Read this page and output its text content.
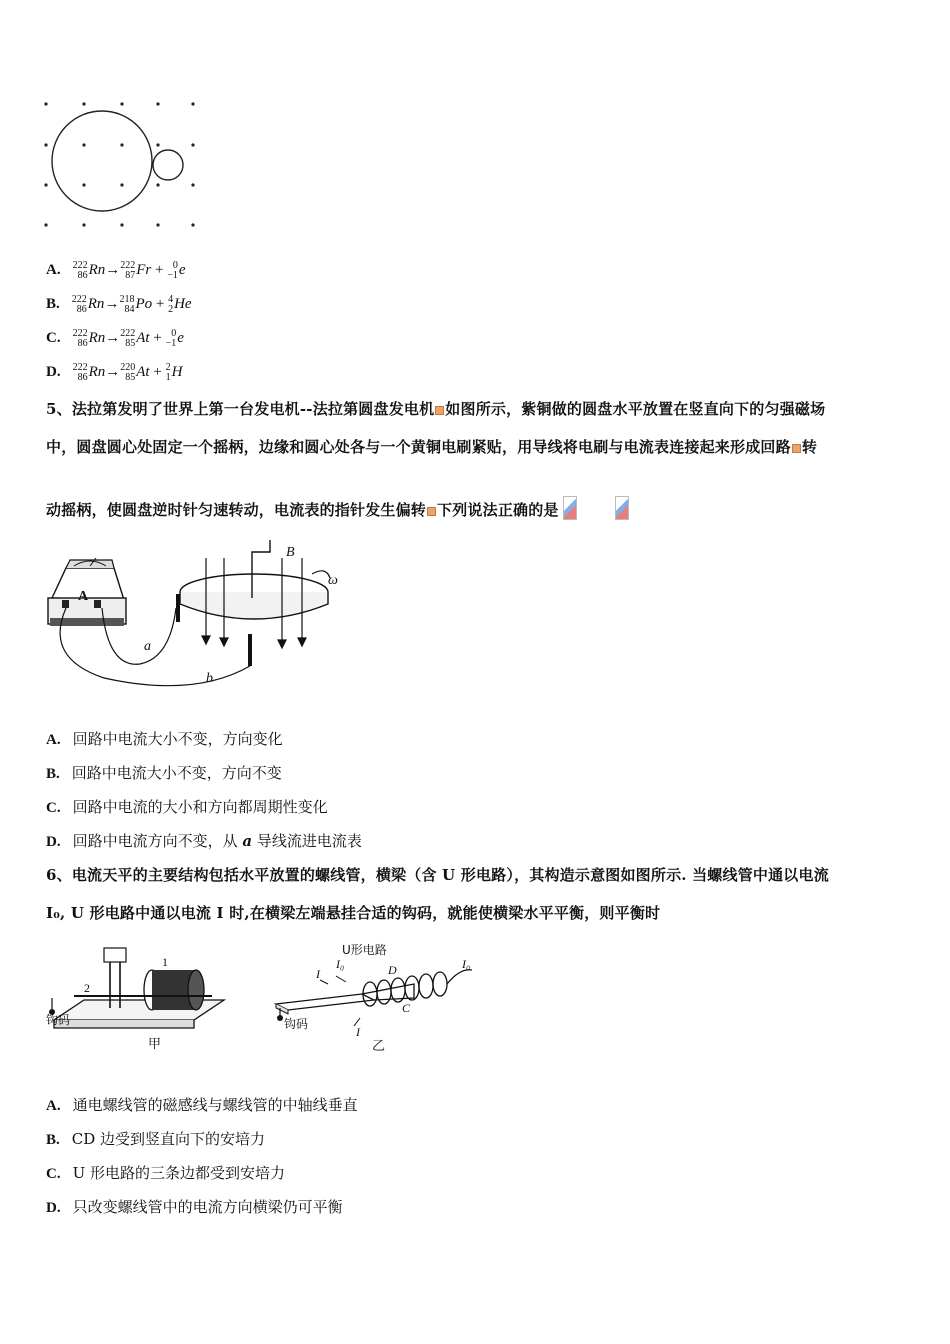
A. 222
86 Rn→ 222
87 Fr + 0
−1 e
B. 222
86 Rn→ 218
84 Po + 4
2 He
C. 222
86 Rn→ 222
85 At + 0
−1 e
D. 222
86 Rn→ 220
85 At + 2
1 H
5、法拉第发明了世界上第一台发电机--法拉第圆盘发电机 如图所示，紫铜做的圆盘水平放置在竖直向下的匀强磁场
中，圆盘圆心处固定一个摇柄，边缘和圆心处各与一个黄铜电刷紧贴，用导线将电刷与电流表连接起来形成回路 转
动摇柄，使圆盘逆时针匀速转动，电流表的指针发生偏转 下列说法正确的是
A
B
ω
a
b
A. 回路中电流大小不变，方向变化
B. 回路中电流大小不变，方向不变
C. 回路中电流的大小和方向都周期性变化
D. 回路中电流方向不变，从 a 导线流进电流表
6、电流天平的主要结构包括水平放置的螺线管，横梁（含 U 形电路），其构造示意图如图所示. 当螺线管中通以电流
I₀, U 形电路中通以电流 I 时,在横梁左端悬挂合适的钩码，就能使横梁水平平衡，则平衡时
1
2
钩码
甲
U形电路
I
I₀	D
C
I₀
I
钩码
乙
A. 通电螺线管的磁感线与螺线管的中轴线垂直
B. CD 边受到竖直向下的安培力
C. U 形电路的三条边都受到安培力
D. 只改变螺线管中的电流方向横梁仍可平衡
